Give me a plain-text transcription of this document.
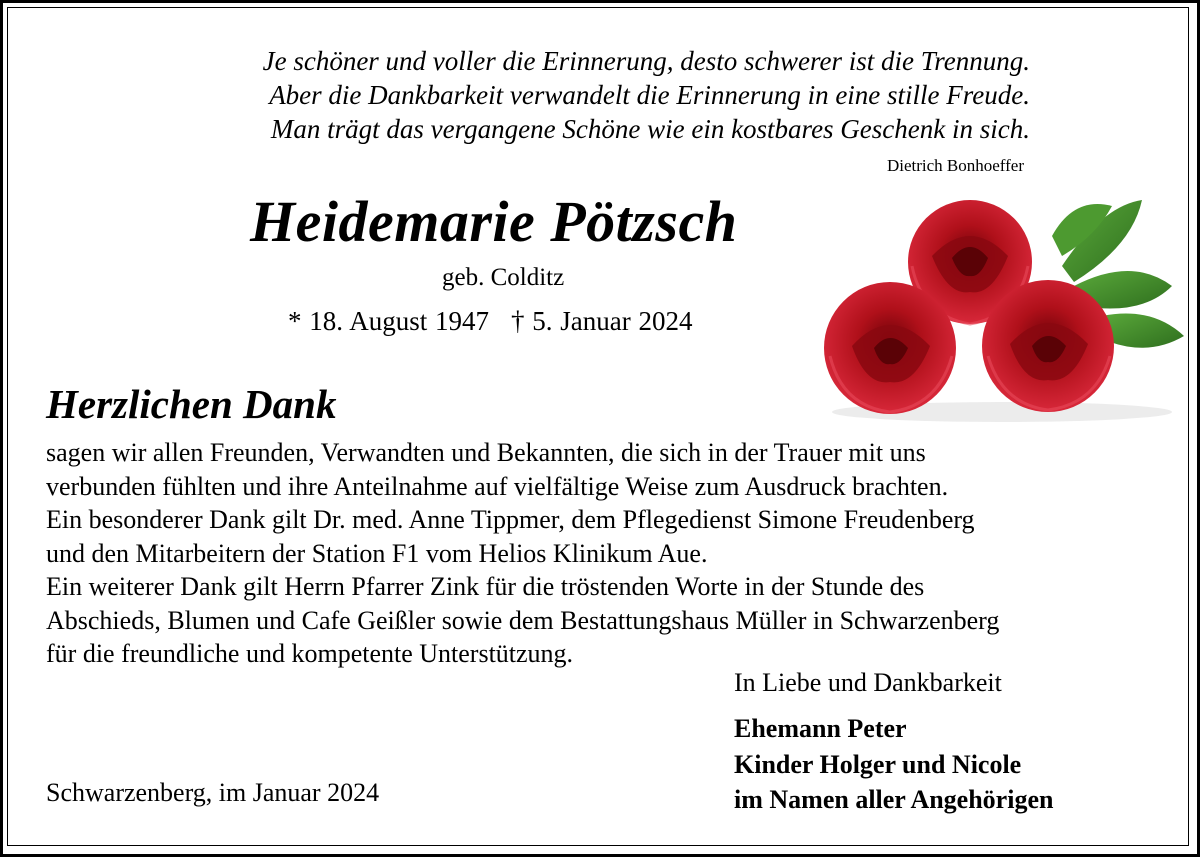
Je schöner und voller die Erinnerung, desto schwerer ist die Trennung.
Aber die Dankbarkeit verwandelt die Erinnerung in eine stille Freude.
Man trägt das vergangene Schöne wie ein kostbares Geschenk in sich.
Dietrich Bonhoeffer
Heidemarie Pötzsch
geb. Colditz
* 18. August 1947 † 5. Januar 2024
Herzlichen Dank

sagen wir allen Freunden, Verwandten und Bekannten, die sich in der Trauer mit uns

verbunden fühlten und ihre Anteilnahme auf vielfältige Weise zum Ausdruck brachten.

Ein besonderer Dank gilt Dr. med. Anne Tippmer, dem Pflegedienst Simone Freudenberg

und den Mitarbeitern der Station F1 vom Helios Klinikum Aue.

Ein weiterer Dank gilt Herrn Pfarrer Zink für die tröstenden Worte in der Stunde des

Abschieds, Blumen und Cafe Geißler sowie dem Bestattungshaus Müller in Schwarzenberg

für die freundliche und kompetente Unterstützung.

In Liebe und Dankbarkeit
Ehemann Peter
Kinder Holger und Nicole
im Namen aller Angehörigen
Schwarzenberg, im Januar 2024
